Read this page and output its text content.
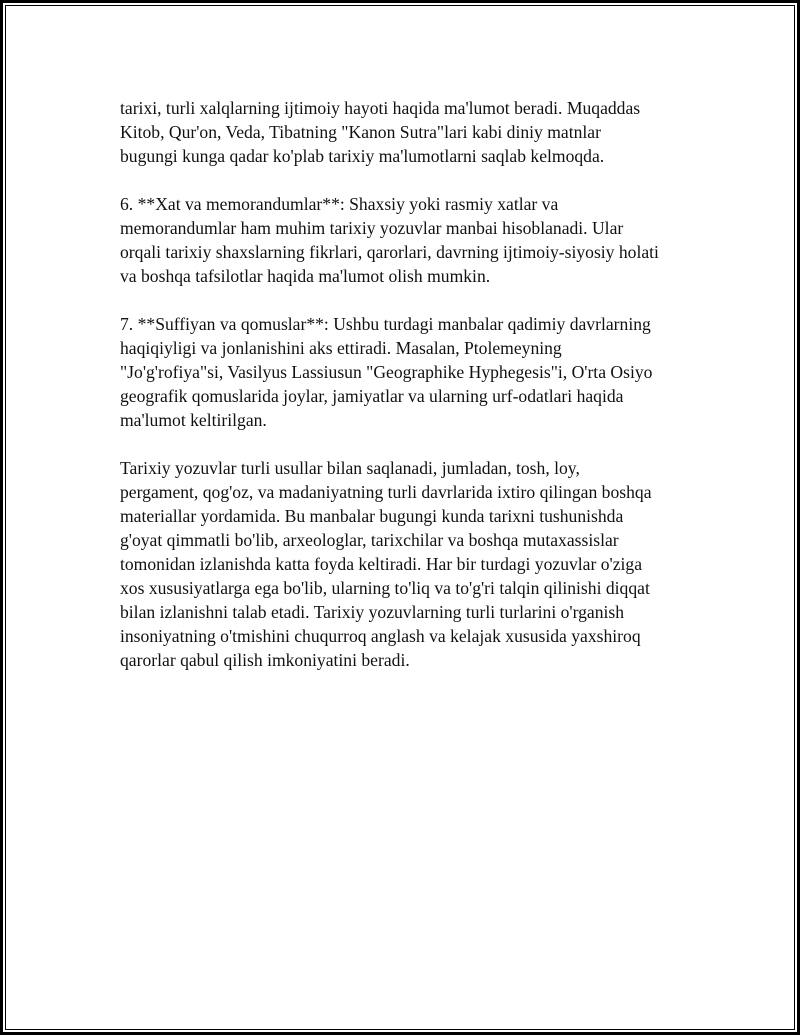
tarixi, turli xalqlarning ijtimoiy hayoti haqida ma'lumot beradi. Muqaddas
Kitob, Qur'on, Veda, Tibatning "Kanon Sutra"lari kabi diniy matnlar
bugungi kunga qadar ko'plab tarixiy ma'lumotlarni saqlab kelmoqda.

6. **Xat va memorandumlar**: Shaxsiy yoki rasmiy xatlar va
memorandumlar ham muhim tarixiy yozuvlar manbai hisoblanadi. Ular
orqali tarixiy shaxslarning fikrlari, qarorlari, davrning ijtimoiy-siyosiy holati
va boshqa tafsilotlar haqida ma'lumot olish mumkin.

7. **Suffiyan va qomuslar**: Ushbu turdagi manbalar qadimiy davrlarning
haqiqiyligi va jonlanishini aks ettiradi. Masalan, Ptolemeyning
"Jo'g'rofiya"si, Vasilyus Lassiusun "Geographike Hyphegesis"i, O'rta Osiyo
geografik qomuslarida joylar, jamiyatlar va ularning urf-odatlari haqida
ma'lumot keltirilgan.

Tarixiy yozuvlar turli usullar bilan saqlanadi, jumladan, tosh, loy,
pergament, qog'oz, va madaniyatning turli davrlarida ixtiro qilingan boshqa
materiallar yordamida. Bu manbalar bugungi kunda tarixni tushunishda
g'oyat qimmatli bo'lib, arxeologlar, tarixchilar va boshqa mutaxassislar
tomonidan izlanishda katta foyda keltiradi. Har bir turdagi yozuvlar o'ziga
xos xususiyatlarga ega bo'lib, ularning to'liq va to'g'ri talqin qilinishi diqqat
bilan izlanishni talab etadi. Tarixiy yozuvlarning turli turlarini o'rganish
insoniyatning o'tmishini chuqurroq anglash va kelajak xususida yaxshiroq
qarorlar qabul qilish imkoniyatini beradi.
